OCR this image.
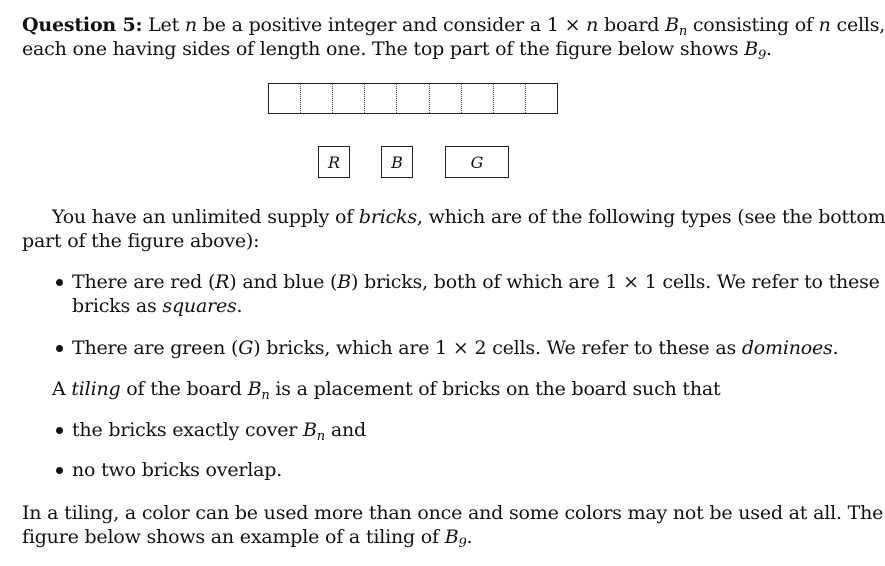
Question 5: Let n be a positive integer and consider a 1 × n board $B_n$ consisting of n cells,
each one having sides of length one. The top part of the figure below shows $B_9$.
R	B	G
You have an unlimited supply of bricks, which are of the following types (see the bottom
part of the figure above):
There are red (R) and blue (B) bricks, both of which are 1 × 1 cells. We refer to these
bricks as squares.
There are green (G) bricks, which are 1 × 2 cells. We refer to these as dominoes.
A tiling of the board $B_n$ is a placement of bricks on the board such that
the bricks exactly cover $B_n$ and
no two bricks overlap.
In a tiling, a color can be used more than once and some colors may not be used at all. The
figure below shows an example of a tiling of $B_9$.
